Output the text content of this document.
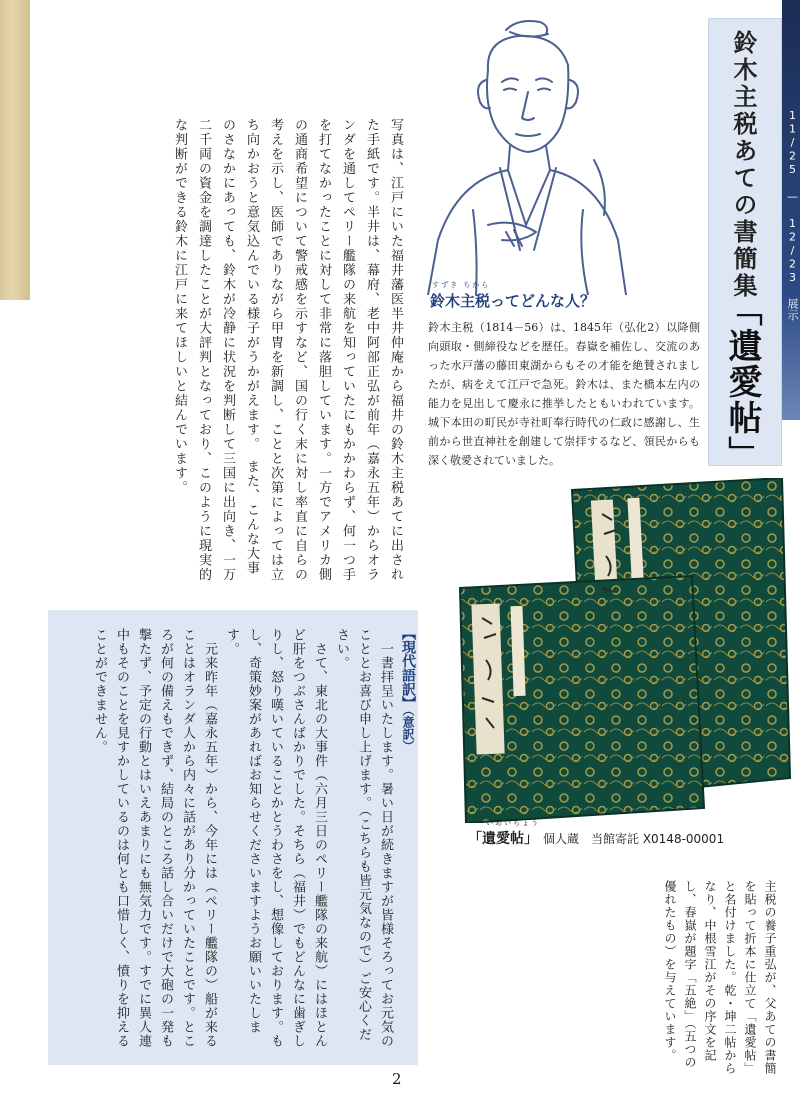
写真は、江戸にいた福井藩医半井仲庵から福井の鈴木主税あてに出された手紙です。半井は、幕府、老中阿部正弘が前年（嘉永五年）からオランダを通してペリー艦隊の来航を知っていたにもかかわらず、何一つ手を打てなかったことに対して非常に落胆しています。一方でアメリカ側の通商希望について警戒感を示すなど、国の行く末に対し率直に自らの考えを示し、医師でありながら甲冑を新調し、ことと次第によっては立ち向かおうと意気込んでいる様子がうかがえます。　また、こんな大事のさなかにあっても、鈴木が冷静に状況を判断して三国に出向き、一万二千両の資金を調達したことが大評判となっており、このように現実的な判断ができる鈴木に江戸に来てほしいと結んでいます。	11/25 — 12/23 展示
鈴木主税あての書簡集
「遺愛帖」
すずき ちから
鈴木主税ってどんな人？
鈴木主税（1814－56）は、1845年（弘化2）以降側向頭取・側締役などを歴任。春嶽を補佐し、交流のあった水戸藩の藤田東湖からもその才能を絶賛されましたが、病をえて江戸で急死。鈴木は、また橋本左内の能力を見出して慶永に推挙したともいわれています。城下本田の町民が寺社町奉行時代の仁政に感謝し、生前から世直神社を創建して崇拝するなど、領民からも深く敬愛されていました。
いあいちょう
「遺愛帖」　個人蔵　当館寄託 X0148-00001
主税の養子重弘が、父あての書簡を貼って折本に仕立て「遺愛帖」と名付けました。乾・坤二帖からなり、中根雪江がその序文を記し、春嶽が題字「五絶」（五つの優れたもの）を与えています。
【現代語訳】（意訳）
　一書拝呈いたします。暑い日が続きますが皆様そろってお元気のこととお喜び申し上げます。（こちらも皆元気なので）ご安心ください。
　さて、東北の大事件（六月三日のペリー艦隊の来航）にはほとんど肝をつぶさんばかりでした。そちら（福井）でもどんなに歯ぎしりし、怒り嘆いていることかとうわさをし、想像しております。もし、奇策妙案があればお知らせくださいますようお願いいたします。
　元来昨年（嘉永五年）から、今年には（ペリー艦隊の）船が来ることはオランダ人から内々に話があり分かっていたことです。ところが何の備えもできず、結局のところ話し合いだけで大砲の一発も撃たず、予定の行動とはいえあまりにも無気力です。すでに異人連中もそのことを見すかしているのは何とも口惜しく、憤りを抑えることができません。
2
